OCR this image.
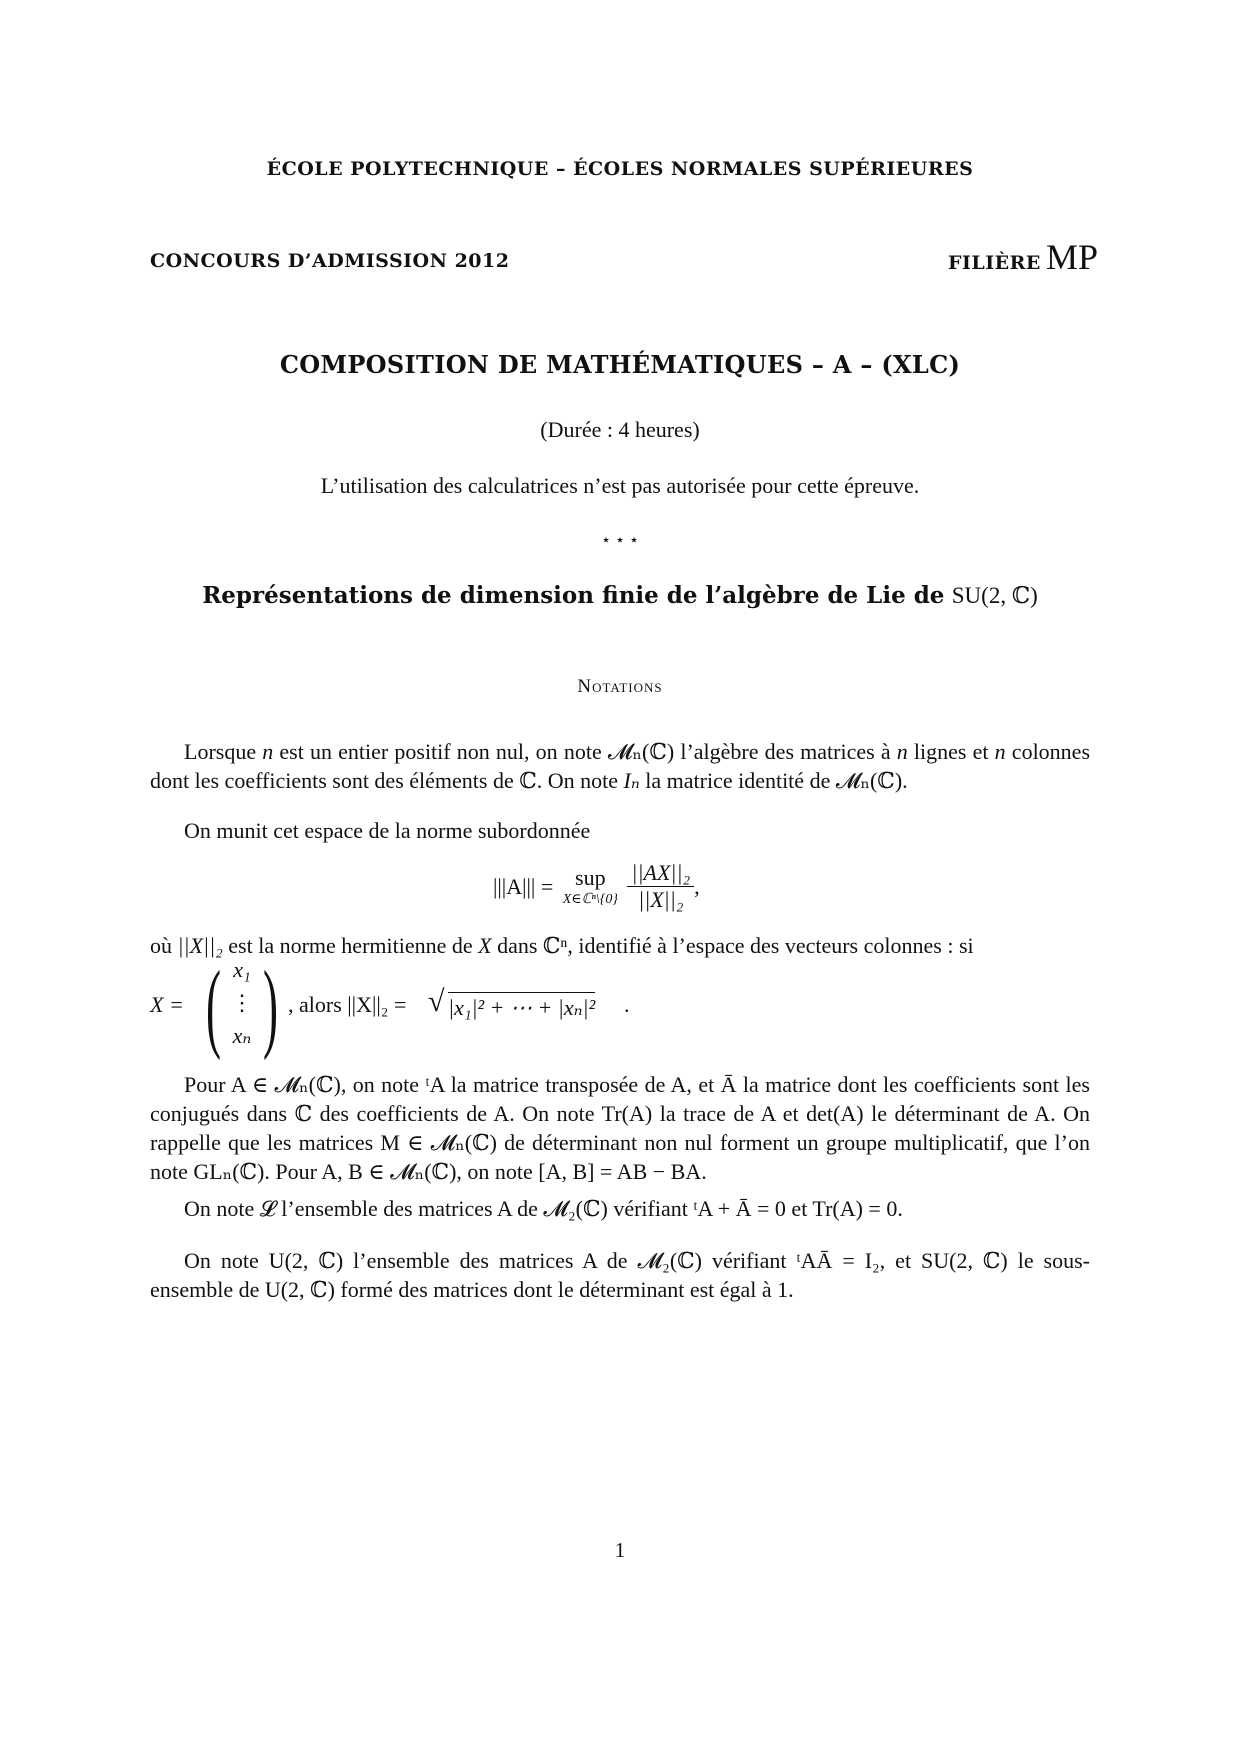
ÉCOLE POLYTECHNIQUE – ÉCOLES NORMALES SUPÉRIEURES
CONCOURS D’ADMISSION 2012	FILIÈRE MP
COMPOSITION DE MATHÉMATIQUES – A – (XLC)
(Durée : 4 heures)
L’utilisation des calculatrices n’est pas autorisée pour cette épreuve.
⋆ ⋆ ⋆
Représentations de dimension finie de l’algèbre de Lie de SU(2, ℂ)
Notations
Lorsque n est un entier positif non nul, on note 𝓜ₙ(ℂ) l’algèbre des matrices à n lignes et n colonnes dont les coefficients sont des éléments de ℂ. On note Iₙ la matrice identité de 𝓜ₙ(ℂ).
On munit cet espace de la norme subordonnée
|||A||| = sup
X∈ℂⁿ\{0}
$\frac{\text{||AX||₂}}{\text{||X||₂}}$ ,
où ||X||₂ est la norme hermitienne de X dans ℂⁿ, identifié à l’espace des vecteurs colonnes : si
X = ( x₁
⋮
xₙ ) , alors ||X||₂ = √ |x₁|² + ⋯ + |xₙ|² .
Pour A ∈ 𝓜ₙ(ℂ), on note ᵗA la matrice transposée de A, et Ā la matrice dont les coefficients sont les conjugués dans ℂ des coefficients de A. On note Tr(A) la trace de A et det(A) le déterminant de A. On rappelle que les matrices M ∈ 𝓜ₙ(ℂ) de déterminant non nul forment un groupe multiplicatif, que l’on note GLₙ(ℂ). Pour A, B ∈ 𝓜ₙ(ℂ), on note [A, B] = AB − BA.
On note 𝓛 l’ensemble des matrices A de 𝓜₂(ℂ) vérifiant ᵗA + Ā = 0 et Tr(A) = 0.
On note U(2, ℂ) l’ensemble des matrices A de 𝓜₂(ℂ) vérifiant ᵗAĀ = I₂, et SU(2, ℂ) le sous-ensemble de U(2, ℂ) formé des matrices dont le déterminant est égal à 1.
1
